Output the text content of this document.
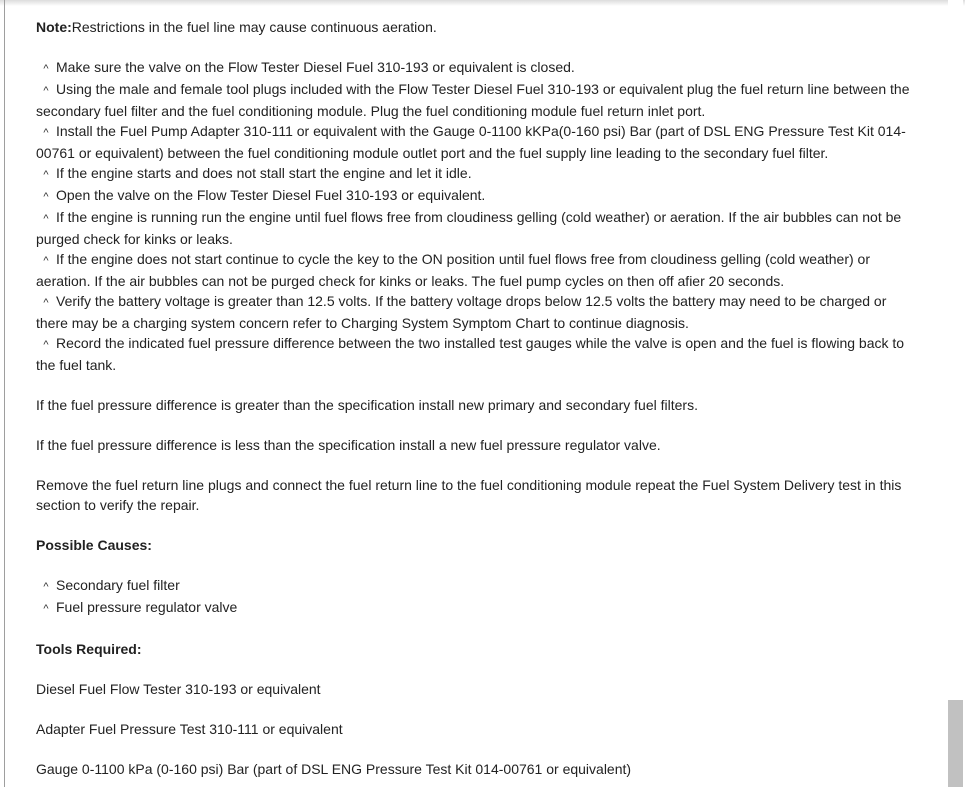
Note:Restrictions in the fuel line may cause continuous aeration.

^ Make sure the valve on the Flow Tester Diesel Fuel 310-193 or equivalent is closed.

^ Using the male and female tool plugs included with the Flow Tester Diesel Fuel 310-193 or equivalent plug the fuel return line between the secondary fuel filter and the fuel conditioning module. Plug the fuel conditioning module fuel return inlet port.

^ Install the Fuel Pump Adapter 310-111 or equivalent with the Gauge 0-1100 kKPa(0-160 psi) Bar (part of DSL ENG Pressure Test Kit 014-00761 or equivalent) between the fuel conditioning module outlet port and the fuel supply line leading to the secondary fuel filter.

^ If the engine starts and does not stall start the engine and let it idle.

^ Open the valve on the Flow Tester Diesel Fuel 310-193 or equivalent.

^ If the engine is running run the engine until fuel flows free from cloudiness gelling (cold weather) or aeration. If the air bubbles can not be purged check for kinks or leaks.

^ If the engine does not start continue to cycle the key to the ON position until fuel flows free from cloudiness gelling (cold weather) or aeration. If the air bubbles can not be purged check for kinks or leaks. The fuel pump cycles on then off afier 20 seconds.

^ Verify the battery voltage is greater than 12.5 volts. If the battery voltage drops below 12.5 volts the battery may need to be charged or there may be a charging system concern refer to Charging System Symptom Chart to continue diagnosis.

^ Record the indicated fuel pressure difference between the two installed test gauges while the valve is open and the fuel is flowing back to the fuel tank.

If the fuel pressure difference is greater than the specification install new primary and secondary fuel filters.

If the fuel pressure difference is less than the specification install a new fuel pressure regulator valve.

Remove the fuel return line plugs and connect the fuel return line to the fuel conditioning module repeat the Fuel System Delivery test in this section to verify the repair.

Possible Causes:

^ Secondary fuel filter

^ Fuel pressure regulator valve

Tools Required:

Diesel Fuel Flow Tester 310-193 or equivalent

Adapter Fuel Pressure Test 310-111 or equivalent

Gauge 0-1100 kPa (0-160 psi) Bar (part of DSL ENG Pressure Test Kit 014-00761 or equivalent)
